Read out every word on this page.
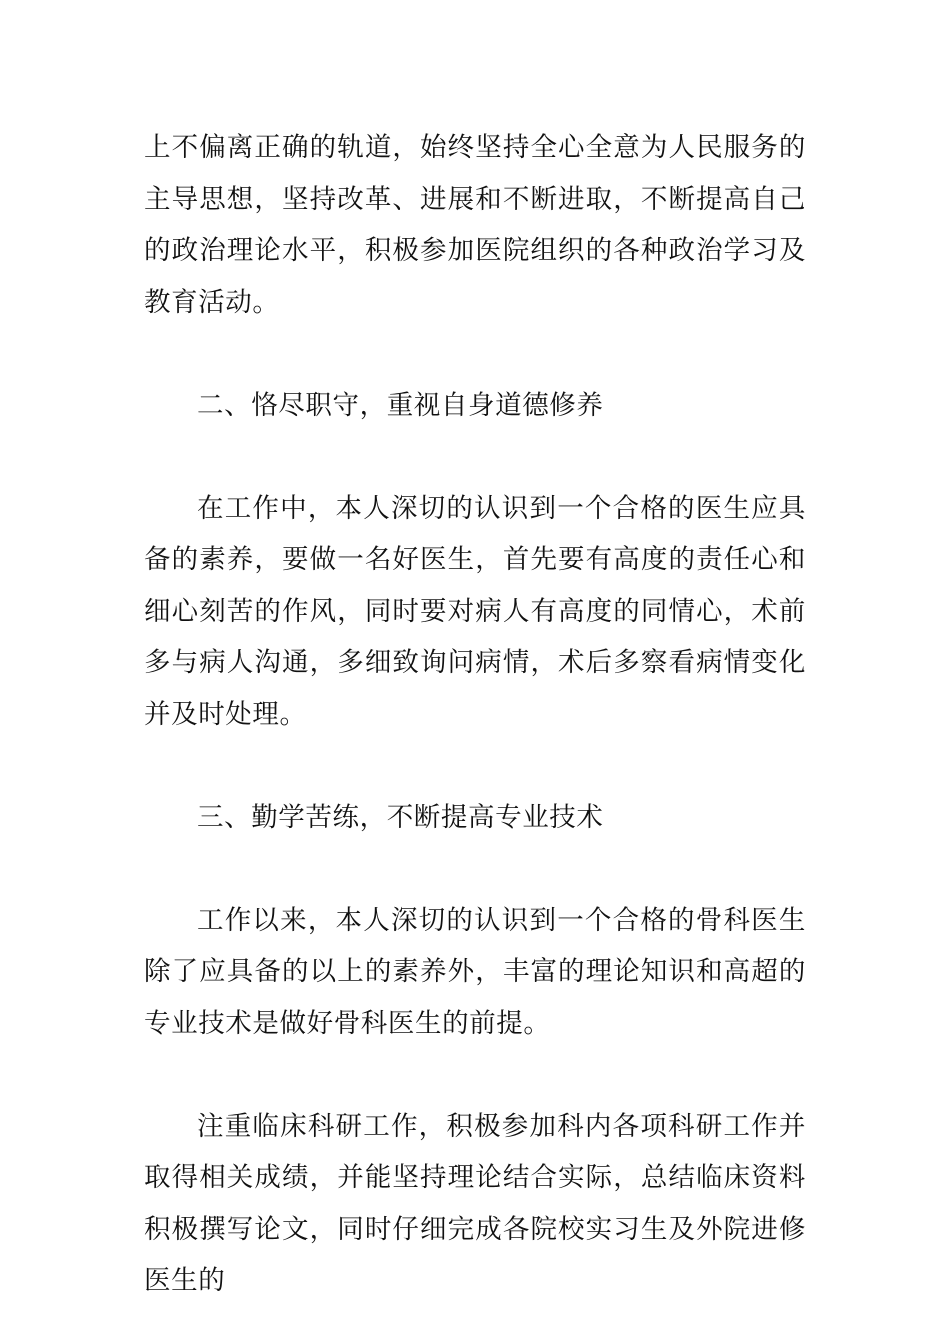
上不偏离正确的轨道，始终坚持全心全意为人民服务的主导思想，坚持改革、进展和不断进取，不断提高自己的政治理论水平，积极参加医院组织的各种政治学习及教育活动。

二、恪尽职守，重视自身道德修养

在工作中，本人深切的认识到一个合格的医生应具备的素养，要做一名好医生，首先要有高度的责任心和细心刻苦的作风，同时要对病人有高度的同情心，术前多与病人沟通，多细致询问病情，术后多察看病情变化并及时处理。

三、勤学苦练，不断提高专业技术

工作以来，本人深切的认识到一个合格的骨科医生除了应具备的以上的素养外，丰富的理论知识和高超的专业技术是做好骨科医生的前提。

注重临床科研工作，积极参加科内各项科研工作并取得相关成绩，并能坚持理论结合实际，总结临床资料积极撰写论文，同时仔细完成各院校实习生及外院进修医生的
